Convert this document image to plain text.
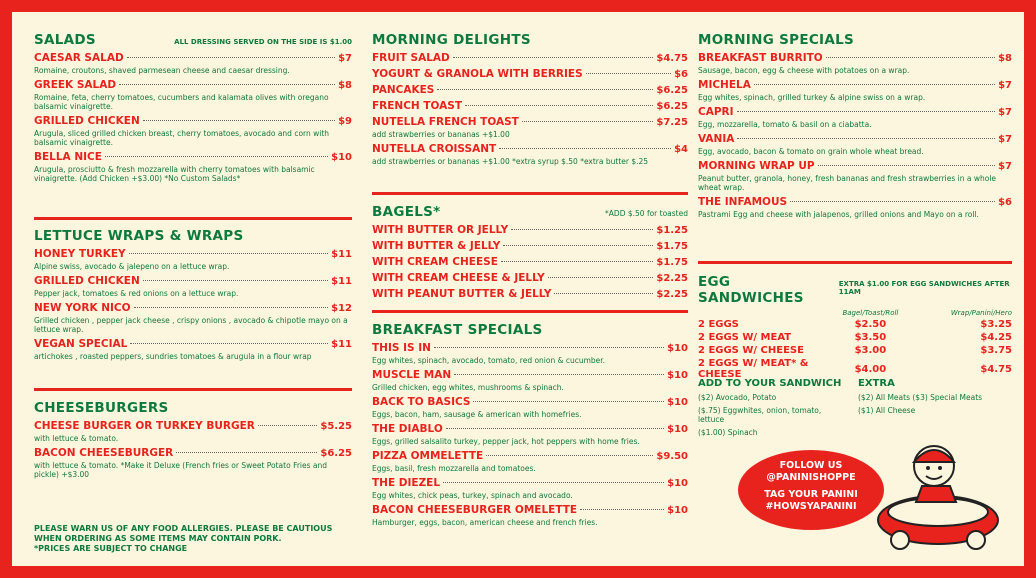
SALADS	ALL DRESSING SERVED ON THE SIDE IS $1.00
CAESAR SALAD	$7
Romaine, croutons, shaved parmesean cheese and caesar dressing.
GREEK SALAD	$8
Romaine, feta, cherry tomatoes, cucumbers and kalamata olives with oregano balsamic vinaigrette.
GRILLED CHICKEN	$9
Arugula, sliced grilled chicken breast, cherry tomatoes, avocado and corn with balsamic vinaigrette.
BELLA NICE	$10
Arugula, prosciutto & fresh mozzarella with cherry tomatoes with balsamic vinaigrette. (Add Chicken +$3.00) *No Custom Salads*
LETTUCE WRAPS & WRAPS
HONEY TURKEY	$11
Alpine swiss, avocado & jalepeno on a lettuce wrap.
GRILLED CHICKEN	$11
Pepper jack, tomatoes & red onions on a lettuce wrap.
NEW YORK NICO	$12
Grilled chicken , pepper jack cheese , crispy onions , avocado & chipotle mayo on a lettuce wrap.
VEGAN SPECIAL	$11
artichokes , roasted peppers, sundries tomatoes & arugula in a flour wrap
CHEESEBURGERS
CHEESE BURGER OR TURKEY BURGER	$5.25
with lettuce & tomato.
BACON CHEESEBURGER	$6.25
with lettuce & tomato. *Make it Deluxe (French fries or Sweet Potato Fries and pickle) +$3.00
PLEASE WARN US OF ANY FOOD ALLERGIES. PLEASE BE CAUTIOUS WHEN ORDERING AS SOME ITEMS MAY CONTAIN PORK.
*PRICES ARE SUBJECT TO CHANGE
MORNING DELIGHTS
FRUIT SALAD	$4.75
YOGURT & GRANOLA WITH BERRIES	$6
PANCAKES	$6.25
FRENCH TOAST	$6.25
NUTELLA FRENCH TOAST	$7.25
add strawberries or bananas +$1.00
NUTELLA CROISSANT	$4
add strawberries or bananas +$1.00 *extra syrup $.50 *extra butter $.25
BAGELS*	*ADD $.50 for toasted
WITH BUTTER OR JELLY	$1.25
WITH BUTTER & JELLY	$1.75
WITH CREAM CHEESE	$1.75
WITH CREAM CHEESE & JELLY	$2.25
WITH PEANUT BUTTER & JELLY	$2.25
BREAKFAST SPECIALS
THIS IS IN	$10
Egg whites, spinach, avocado, tomato, red onion & cucumber.
MUSCLE MAN	$10
Grilled chicken, egg whites, mushrooms & spinach.
BACK TO BASICS	$10
Eggs, bacon, ham, sausage & american with homefries.
THE DIABLO	$10
Eggs, grilled salsalito turkey, pepper jack, hot peppers with home fries.
PIZZA OMMELETTE	$9.50
Eggs, basil, fresh mozzarella and tomatoes.
THE DIEZEL	$10
Egg whites, chick peas, turkey, spinach and avocado.
BACON CHEESEBURGER OMELETTE	$10
Hamburger, eggs, bacon, american cheese and french fries.
MORNING SPECIALS
BREAKFAST BURRITO	$8
Sausage, bacon, egg & cheese with potatoes on a wrap.
MICHELA	$7
Egg whites, spinach, grilled turkey & alpine swiss on a wrap.
CAPRI	$7
Egg, mozzarella, tomato & basil on a ciabatta.
VANIA	$7
Egg, avocado, bacon & tomato on grain whole wheat bread.
MORNING WRAP UP	$7
Peanut butter, granola, honey, fresh bananas and fresh strawberries in a whole wheat wrap.
THE INFAMOUS	$6
Pastrami Egg and cheese with jalapenos, grilled onions and Mayo on a roll.
EGG SANDWICHES
EXTRA $1.00 FOR EGG SANDWICHES AFTER 11AM
	Bagel/Toast/Roll	Wrap/Panini/Hero
2 EGGS	$2.50	$3.25
2 EGGS W/ MEAT	$3.50	$4.25
2 EGGS W/ CHEESE	$3.00	$3.75
2 EGGS W/ MEAT* & CHEESE	$4.00	$4.75
ADD TO YOUR SANDWICH
($2) Avocado, Potato
($.75) Eggwhites, onion, tomato, lettuce
($1.00) Spinach
EXTRA
($2) All Meats ($3) Special Meats
($1) All Cheese
FOLLOW US
@PANINISHOPPE
TAG YOUR PANINI
#HOWSYAPANINI
